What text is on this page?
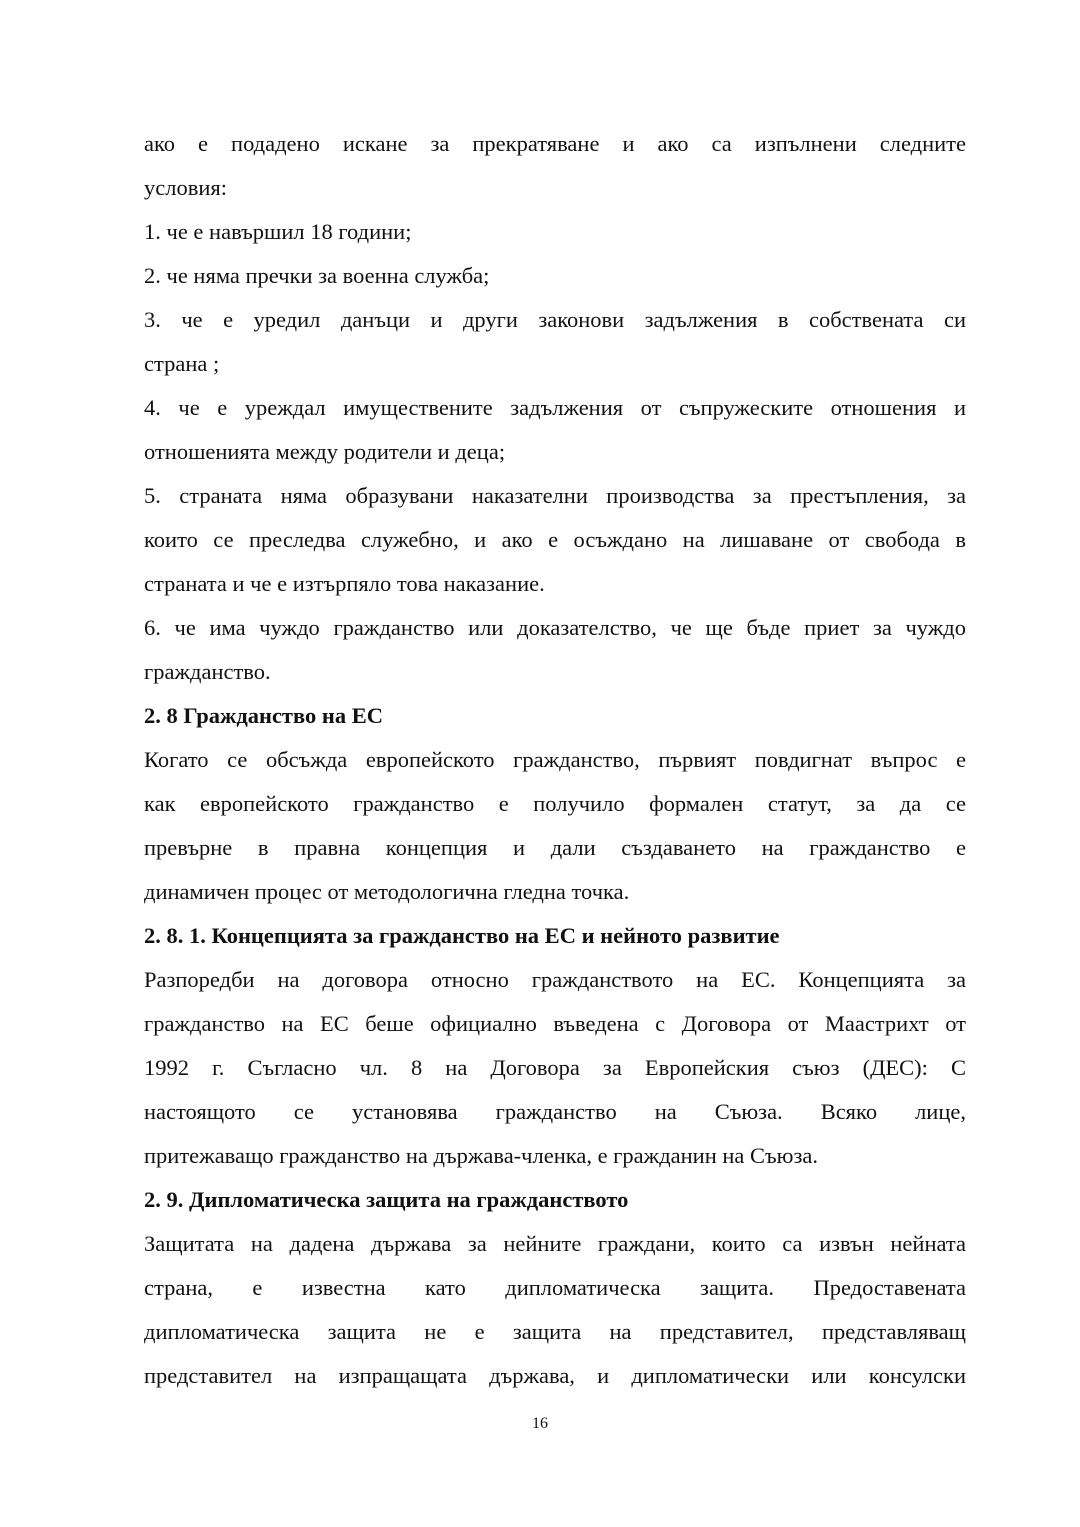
ако е подадено искане за прекратяване и ако са изпълнени следните

условия:

1. че е навършил 18 години;

2. че няма пречки за военна служба;

3. че е уредил данъци и други законови задължения в собствената си

страна ;

4. че е уреждал имуществените задължения от съпружеските отношения и

отношенията между родители и деца;

5. страната няма образувани наказателни производства за престъпления, за

които се преследва служебно, и ако е осъждано на лишаване от свобода в

страната и че е изтърпяло това наказание.

6. че има чуждо гражданство или доказателство, че ще бъде приет за чуждо

гражданство.

2. 8 Гражданство на ЕС

Когато се обсъжда европейското гражданство, първият повдигнат въпрос е

как европейското гражданство е получило формален статут, за да се

превърне в правна концепция и дали създаването на гражданство е

динамичен процес от методологична гледна точка.

2. 8. 1. Концепцията за гражданство на ЕС и нейното развитие

Разпоредби на договора относно гражданството на ЕС. Концепцията за

гражданство на ЕС беше официално въведена с Договора от Маастрихт от

1992 г. Съгласно чл. 8 на Договора за Европейския съюз (ДЕС): С

настоящото се установява гражданство на Съюза. Всяко лице,

притежаващо гражданство на държава-членка, е гражданин на Съюза.

2. 9. Дипломатическа защита на гражданството

Защитата на дадена държава за нейните граждани, които са извън нейната

страна, е известна като дипломатическа защита. Предоставената

дипломатическа защита не е защита на представител, представляващ

представител на изпращащата държава, и дипломатически или консулски

16
